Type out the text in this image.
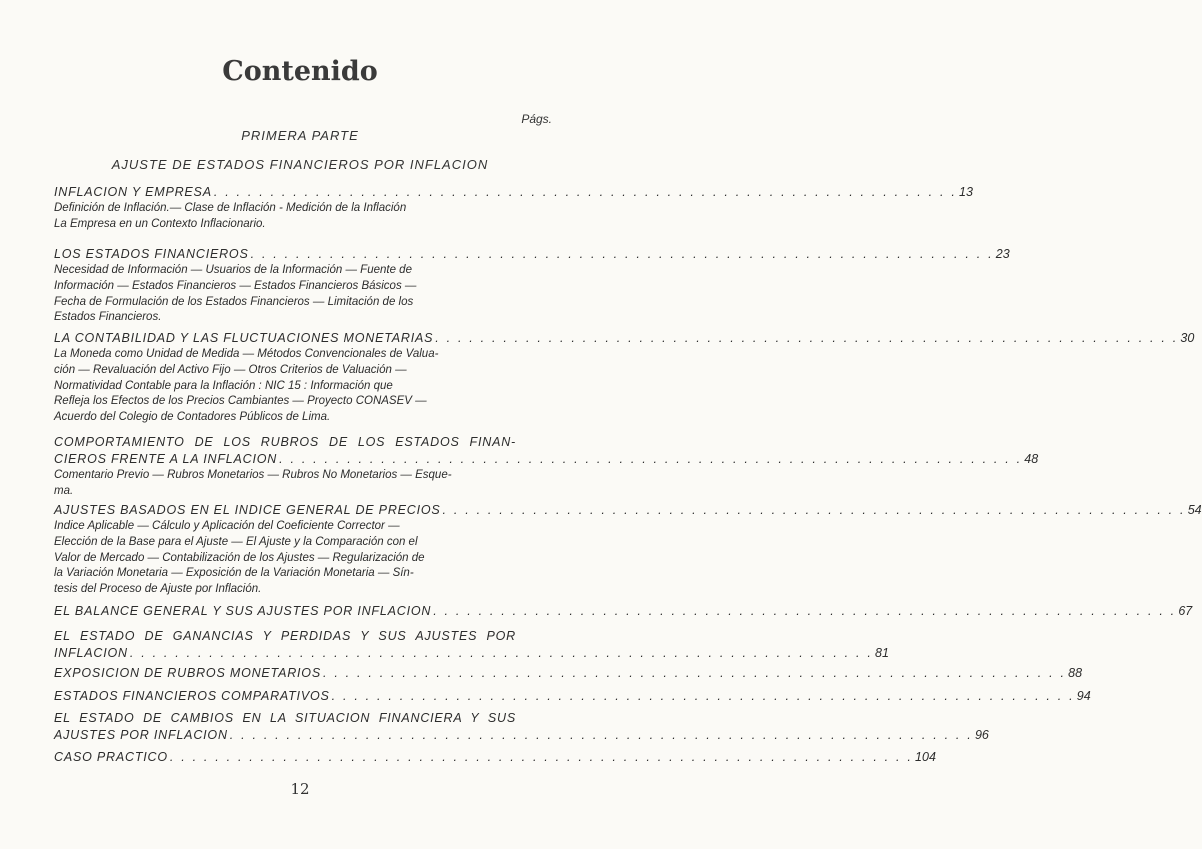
Contenido
Págs.
PRIMERA PARTE
AJUSTE DE ESTADOS FINANCIEROS POR INFLACION
INFLACION Y EMPRESA . . . . . . . . . . . . . . . . . . . . . . . . . . . . . . . . . . . . . . . . . . . . . . . . . . . . . . . . . . . . . . . . . . 13
Definición de Inflación.— Clase de Inflación - Medición de la Inflación
La Empresa en un Contexto Inflacionario.
LOS ESTADOS FINANCIEROS . . . . . . . . . . . . . . . . . . . . . . . . . . . . . . . . . . . . . . . . . . . . . . . . . . . . . . . . . . . . . . . . . . 23
Necesidad de Información — Usuarios de la Información — Fuente de
Información — Estados Financieros — Estados Financieros Básicos —
Fecha de Formulación de los Estados Financieros — Limitación de los
Estados Financieros.
LA CONTABILIDAD Y LAS FLUCTUACIONES MONETARIAS . . . . . . . . . . . . . . . . . . . . . . . . . . . . . . . . . . . . . . . . . . . . . . . . . . . . . . . . . . . . . . . . . . 30
La Moneda como Unidad de Medida — Métodos Convencionales de Valua-
ción — Revaluación del Activo Fijo — Otros Criterios de Valuación —
Normatividad Contable para la Inflación : NIC 15 : Información que
Refleja los Efectos de los Precios Cambiantes — Proyecto CONASEV —
Acuerdo del Colegio de Contadores Públicos de Lima.
COMPORTAMIENTO DE LOS RUBROS DE LOS ESTADOS FINAN-
CIEROS FRENTE A LA INFLACION . . . . . . . . . . . . . . . . . . . . . . . . . . . . . . . . . . . . . . . . . . . . . . . . . . . . . . . . . . . . . . . . . . 48
Comentario Previo — Rubros Monetarios — Rubros No Monetarios — Esque-
ma.
AJUSTES BASADOS EN EL INDICE GENERAL DE PRECIOS . . . . . . . . . . . . . . . . . . . . . . . . . . . . . . . . . . . . . . . . . . . . . . . . . . . . . . . . . . . . . . . . . . 54
Indice Aplicable — Cálculo y Aplicación del Coeficiente Corrector —
Elección de la Base para el Ajuste — El Ajuste y la Comparación con el
Valor de Mercado — Contabilización de los Ajustes — Regularización de
la Variación Monetaria — Exposición de la Variación Monetaria — Sín-
tesis del Proceso de Ajuste por Inflación.
EL BALANCE GENERAL Y SUS AJUSTES POR INFLACION . . . . . . . . . . . . . . . . . . . . . . . . . . . . . . . . . . . . . . . . . . . . . . . . . . . . . . . . . . . . . . . . . . 67
EL ESTADO DE GANANCIAS Y PERDIDAS Y SUS AJUSTES POR
INFLACION . . . . . . . . . . . . . . . . . . . . . . . . . . . . . . . . . . . . . . . . . . . . . . . . . . . . . . . . . . . . . . . . . . 81
EXPOSICION DE RUBROS MONETARIOS . . . . . . . . . . . . . . . . . . . . . . . . . . . . . . . . . . . . . . . . . . . . . . . . . . . . . . . . . . . . . . . . . . 88
ESTADOS FINANCIEROS COMPARATIVOS . . . . . . . . . . . . . . . . . . . . . . . . . . . . . . . . . . . . . . . . . . . . . . . . . . . . . . . . . . . . . . . . . . 94
EL ESTADO DE CAMBIOS EN LA SITUACION FINANCIERA Y SUS
AJUSTES POR INFLACION . . . . . . . . . . . . . . . . . . . . . . . . . . . . . . . . . . . . . . . . . . . . . . . . . . . . . . . . . . . . . . . . . . 96
CASO PRACTICO . . . . . . . . . . . . . . . . . . . . . . . . . . . . . . . . . . . . . . . . . . . . . . . . . . . . . . . . . . . . . . . . . . 104
12
